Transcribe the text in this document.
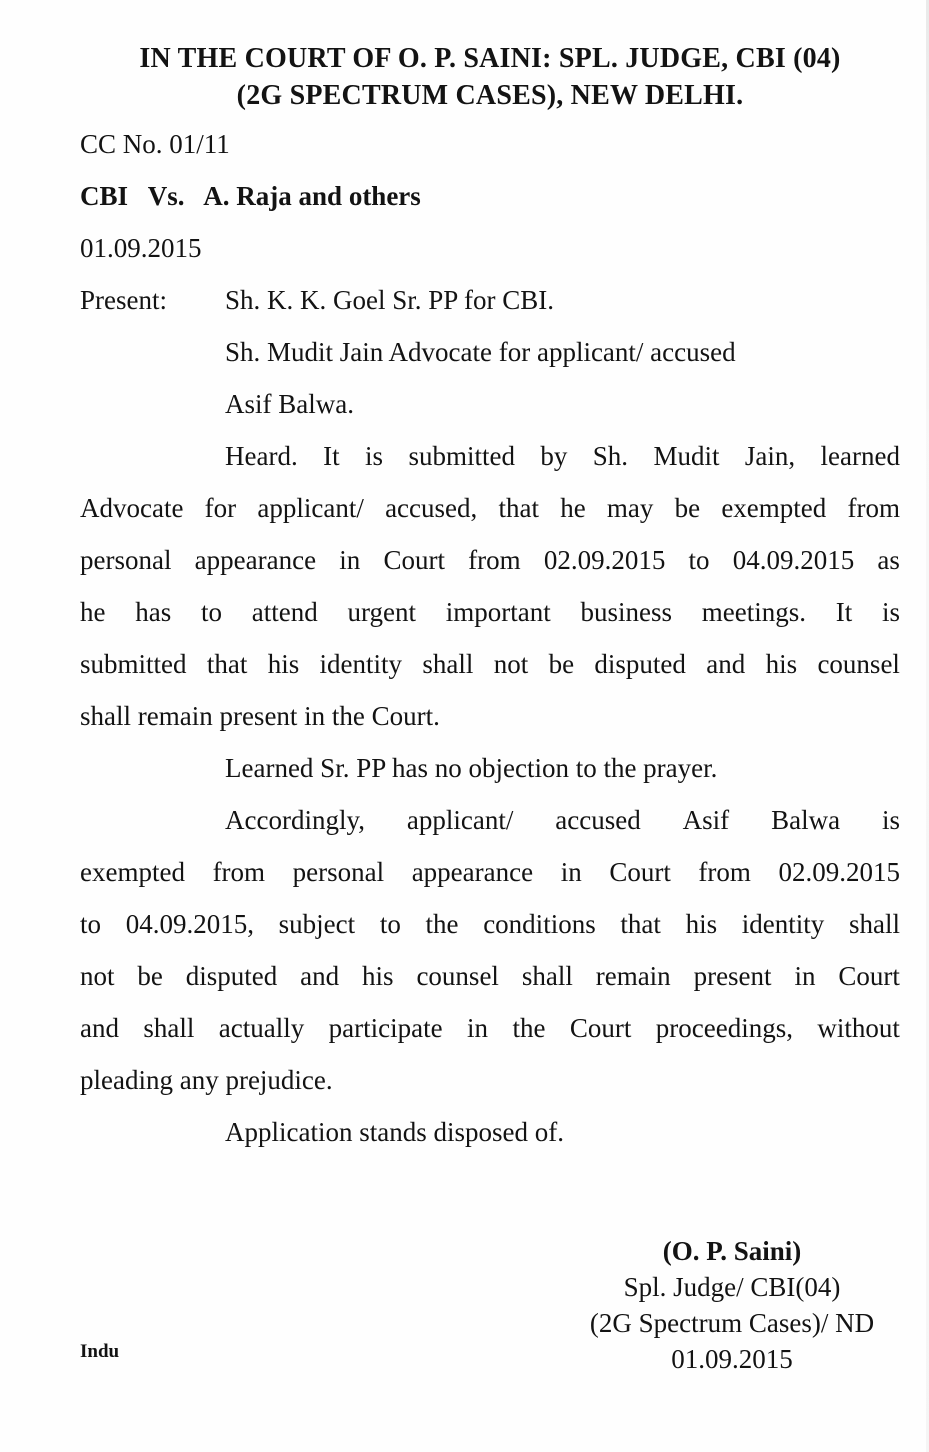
IN THE COURT OF O. P. SAINI: SPL. JUDGE, CBI (04)
(2G SPECTRUM CASES), NEW DELHI.
CC No. 01/11
CBI   Vs.   A. Raja and others
01.09.2015
Present: Sh. K. K. Goel Sr. PP for CBI.
Sh. Mudit Jain Advocate for applicant/ accused
Asif Balwa.
Heard. It is submitted by Sh. Mudit Jain, learned
Advocate for applicant/ accused, that he may be exempted from
personal appearance in Court from 02.09.2015 to 04.09.2015 as
he has to attend urgent important business meetings. It is
submitted that his identity shall not be disputed and his counsel
shall remain present in the Court.
Learned Sr. PP has no objection to the prayer.
Accordingly, applicant/ accused Asif Balwa is
exempted from personal appearance in Court from 02.09.2015
to 04.09.2015, subject to the conditions that his identity shall
not be disputed and his counsel shall remain present in Court
and shall actually participate in the Court proceedings, without
pleading any prejudice.
Application stands disposed of.
(O. P. Saini)
Spl. Judge/ CBI(04)
(2G Spectrum Cases)/ ND
01.09.2015
Indu
